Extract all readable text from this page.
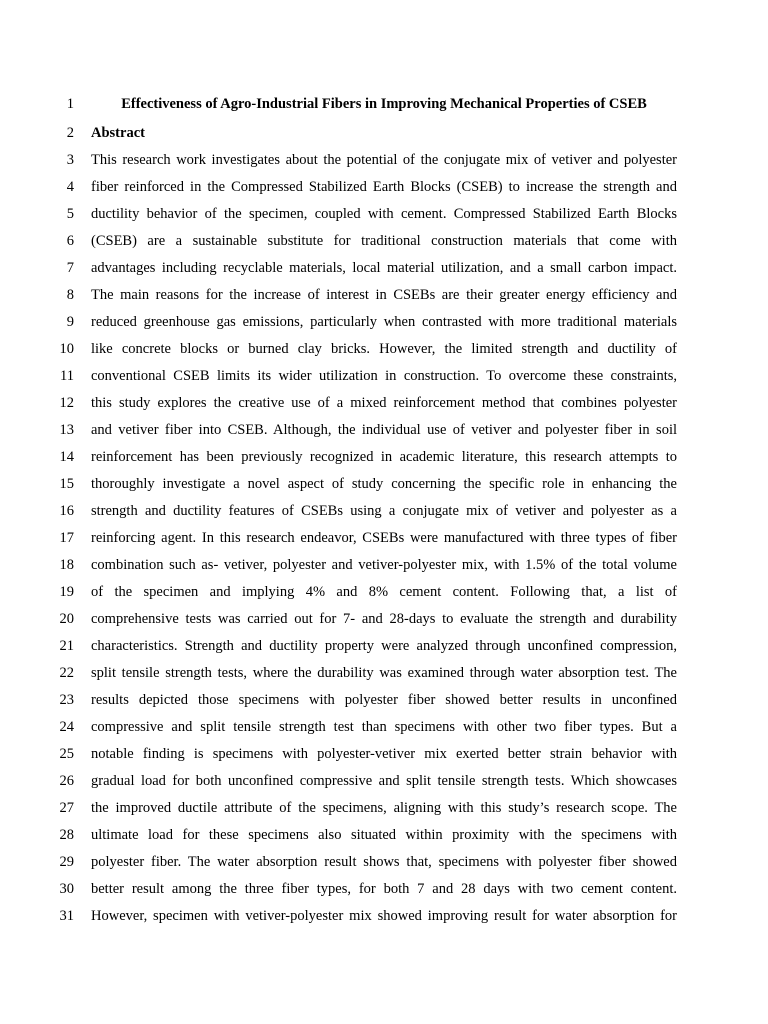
1	Effectiveness of Agro-Industrial Fibers in Improving Mechanical Properties of CSEB
2 Abstract
3 This research work investigates about the potential of the conjugate mix of vetiver and polyester
4 fiber reinforced in the Compressed Stabilized Earth Blocks (CSEB) to increase the strength and
5 ductility behavior of the specimen, coupled with cement. Compressed Stabilized Earth Blocks
6 (CSEB) are a sustainable substitute for traditional construction materials that come with
7 advantages including recyclable materials, local material utilization, and a small carbon impact.
8 The main reasons for the increase of interest in CSEBs are their greater energy efficiency and
9 reduced greenhouse gas emissions, particularly when contrasted with more traditional materials
10 like concrete blocks or burned clay bricks. However, the limited strength and ductility of
11 conventional CSEB limits its wider utilization in construction. To overcome these constraints,
12 this study explores the creative use of a mixed reinforcement method that combines polyester
13 and vetiver fiber into CSEB. Although, the individual use of vetiver and polyester fiber in soil
14 reinforcement has been previously recognized in academic literature, this research attempts to
15 thoroughly investigate a novel aspect of study concerning the specific role in enhancing the
16 strength and ductility features of CSEBs using a conjugate mix of vetiver and polyester as a
17 reinforcing agent. In this research endeavor, CSEBs were manufactured with three types of fiber
18 combination such as- vetiver, polyester and vetiver-polyester mix, with 1.5% of the total volume
19 of the specimen and implying 4% and 8% cement content. Following that, a list of
20 comprehensive tests was carried out for 7- and 28-days to evaluate the strength and durability
21 characteristics. Strength and ductility property were analyzed through unconfined compression,
22 split tensile strength tests, where the durability was examined through water absorption test. The
23 results depicted those specimens with polyester fiber showed better results in unconfined
24 compressive and split tensile strength test than specimens with other two fiber types. But a
25 notable finding is specimens with polyester-vetiver mix exerted better strain behavior with
26 gradual load for both unconfined compressive and split tensile strength tests. Which showcases
27 the improved ductile attribute of the specimens, aligning with this study’s research scope. The
28 ultimate load for these specimens also situated within proximity with the specimens with
29 polyester fiber. The water absorption result shows that, specimens with polyester fiber showed
30 better result among the three fiber types, for both 7 and 28 days with two cement content.
31 However, specimen with vetiver-polyester mix showed improving result for water absorption for
